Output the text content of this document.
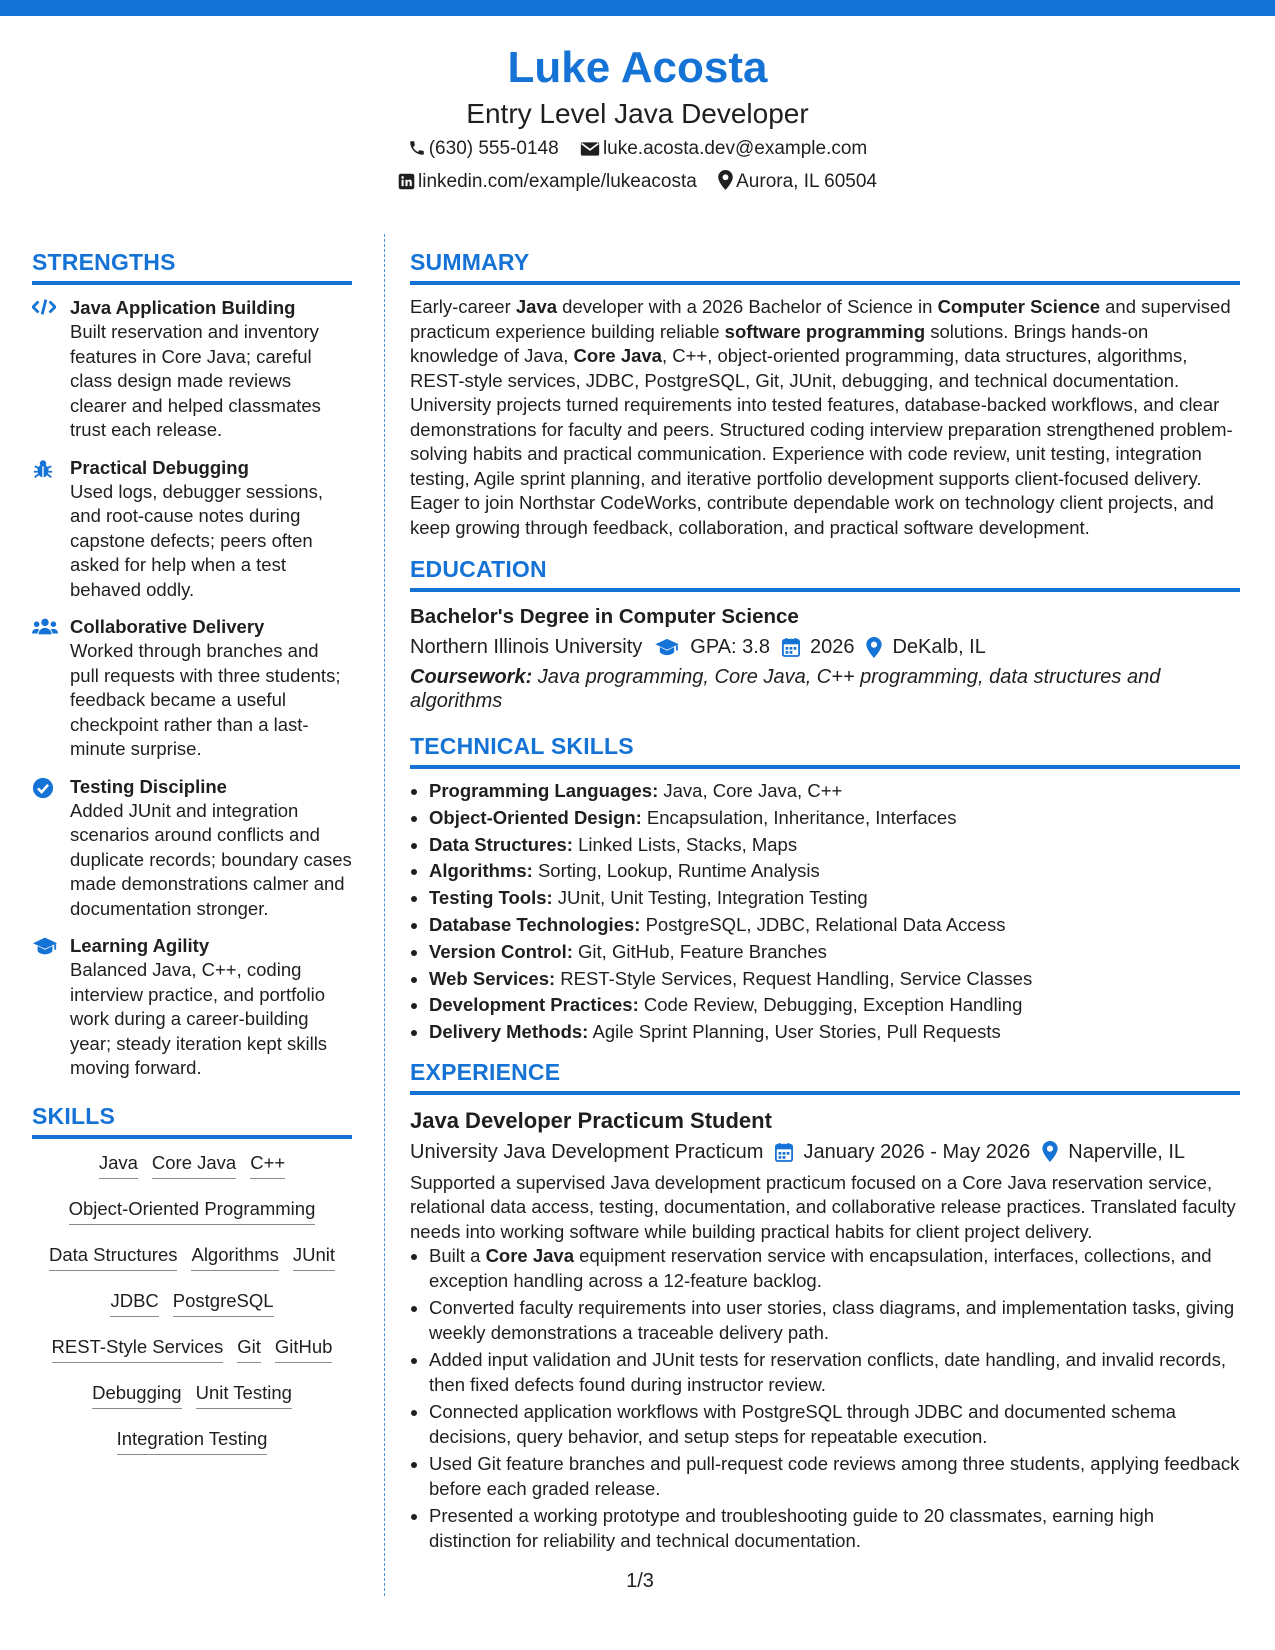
Luke Acosta
Entry Level Java Developer
(630) 555-0148 luke.acosta.dev@example.com
linkedin.com/example/lukeacosta Aurora, IL 60504
STRENGTHS
Java Application Building
Built reservation and inventory features in Core Java; careful class design made reviews clearer and helped classmates trust each release.
Practical Debugging
Used logs, debugger sessions, and root-cause notes during capstone defects; peers often asked for help when a test behaved oddly.
Collaborative Delivery
Worked through branches and pull requests with three students; feedback became a useful checkpoint rather than a last-minute surprise.
Testing Discipline
Added JUnit and integration scenarios around conflicts and duplicate records; boundary cases made demonstrations calmer and documentation stronger.
Learning Agility
Balanced Java, C++, coding interview practice, and portfolio work during a career-building year; steady iteration kept skills moving forward.
SKILLS
Java Core Java C++
Object-Oriented Programming
Data Structures Algorithms JUnit
JDBC PostgreSQL
REST-Style Services Git GitHub
Debugging Unit Testing
Integration Testing
SUMMARY
Early-career Java developer with a 2026 Bachelor of Science in Computer Science and supervised practicum experience building reliable software programming solutions. Brings hands-on knowledge of Java, Core Java, C++, object-oriented programming, data structures, algorithms, REST-style services, JDBC, PostgreSQL, Git, JUnit, debugging, and technical documentation. University projects turned requirements into tested features, database-backed workflows, and clear demonstrations for faculty and peers. Structured coding interview preparation strengthened problem-solving habits and practical communication. Experience with code review, unit testing, integration testing, Agile sprint planning, and iterative portfolio development supports client-focused delivery. Eager to join Northstar CodeWorks, contribute dependable work on technology client projects, and keep growing through feedback, collaboration, and practical software development.
EDUCATION
Bachelor's Degree in Computer Science
Northern Illinois University GPA: 3.8 2026 DeKalb, IL
Coursework: Java programming, Core Java, C++ programming, data structures and algorithms
TECHNICAL SKILLS
• Programming Languages: Java, Core Java, C++
• Object-Oriented Design: Encapsulation, Inheritance, Interfaces
• Data Structures: Linked Lists, Stacks, Maps
• Algorithms: Sorting, Lookup, Runtime Analysis
• Testing Tools: JUnit, Unit Testing, Integration Testing
• Database Technologies: PostgreSQL, JDBC, Relational Data Access
• Version Control: Git, GitHub, Feature Branches
• Web Services: REST-Style Services, Request Handling, Service Classes
• Development Practices: Code Review, Debugging, Exception Handling
• Delivery Methods: Agile Sprint Planning, User Stories, Pull Requests
EXPERIENCE
Java Developer Practicum Student
University Java Development Practicum January 2026 - May 2026 Naperville, IL
Supported a supervised Java development practicum focused on a Core Java reservation service, relational data access, testing, documentation, and collaborative release practices. Translated faculty needs into working software while building practical habits for client project delivery.
• Built a Core Java equipment reservation service with encapsulation, interfaces, collections, and exception handling across a 12-feature backlog.
• Converted faculty requirements into user stories, class diagrams, and implementation tasks, giving weekly demonstrations a traceable delivery path.
• Added input validation and JUnit tests for reservation conflicts, date handling, and invalid records, then fixed defects found during instructor review.
• Connected application workflows with PostgreSQL through JDBC and documented schema decisions, query behavior, and setup steps for repeatable execution.
• Used Git feature branches and pull-request code reviews among three students, applying feedback before each graded release.
• Presented a working prototype and troubleshooting guide to 20 classmates, earning high distinction for reliability and technical documentation.
1/3
